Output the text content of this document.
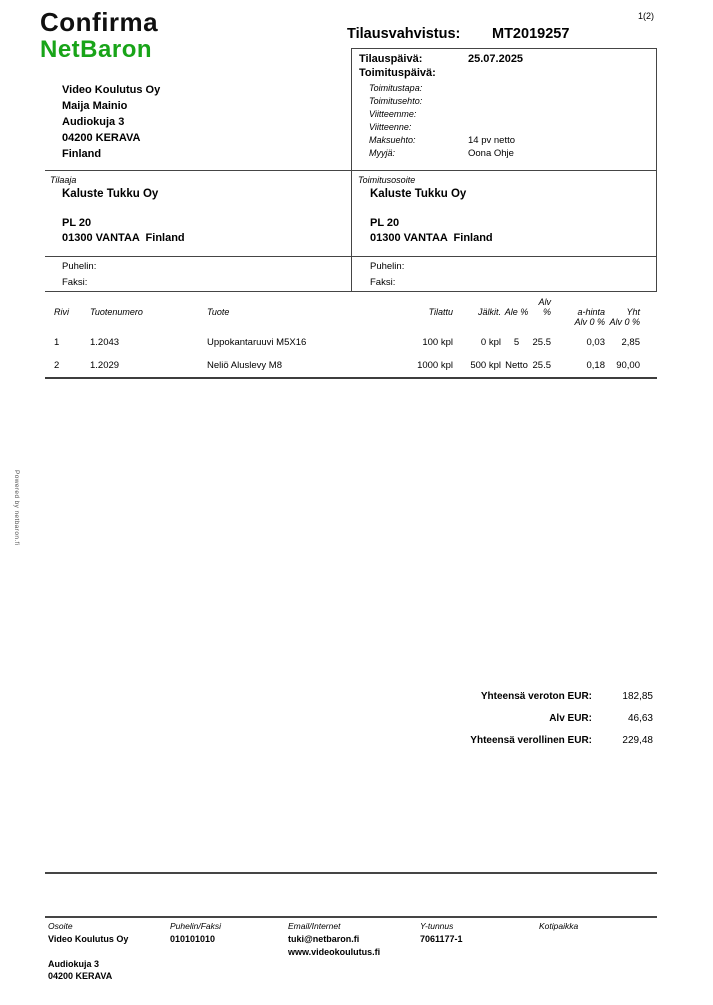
Confirma
NetBaron
1(2)
Tilausvahvistus: MT2019257
Video Koulutus Oy
Maija Mainio
Audiokuja 3
04200 KERAVA
Finland
Tilauspäivä:	25.07.2025
Toimituspäivä:
Toimitustapa:
Toimitusehto:
Viitteemme:
Viitteenne:
Maksuehto:	14 pv netto
Myyjä:	Oona Ohje
Tilaaja
Kaluste Tukku Oy
PL 20
01300 VANTAA  Finland
Puhelin:
Faksi:
Toimitusosoite
Kaluste Tukku Oy
PL 20
01300 VANTAA  Finland
Puhelin:
Faksi:
Rivi	Tuotenumero	Tuote	Tilattu	Jälkit.	Ale %	Alv %	a-hinta	Yht
							Alv 0 %	Alv 0 %
1	1.2043	Uppokantaruuvi M5X16	100 kpl	0 kpl	5	25.5	0,03	2,85
2	1.2029	Neliö Aluslevy M8	1000 kpl	500 kpl	Netto	25.5	0,18	90,00
Powered by netbaron.fi
Yhteensä veroton EUR:	182,85
Alv EUR:	46,63
Yhteensä verollinen EUR:	229,48
Osoite
Video Koulutus Oy
Audiokuja 3
04200 KERAVA
Puhelin/Faksi
010101010
Email/Internet
tuki@netbaron.fi
www.videokoulutus.fi
Y-tunnus
7061177-1
Kotipaikka
